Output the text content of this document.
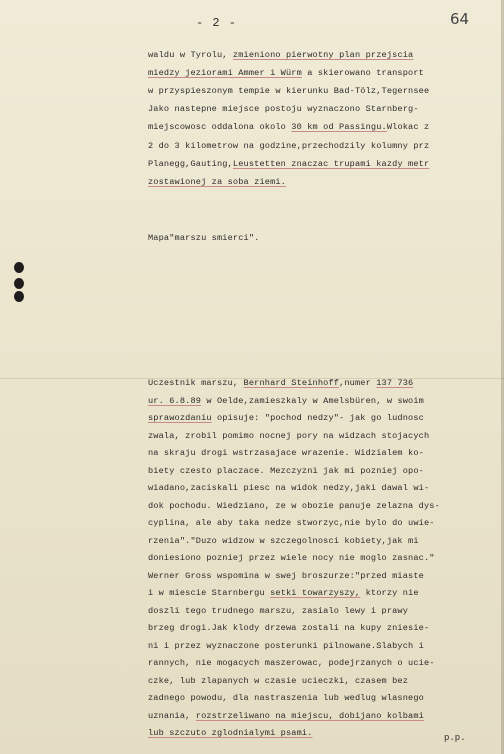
- 2 -	64
waldu w Tyrolu, zmieniono pierwotny plan przejscia
miedzy jeziorami Ammer i Würm a skierowano transport
w przyspieszonym tempie w kierunku Bad-Tölz,Tegernsee
Jako nastepne miejsce postoju wyznaczono Starnberg-
miejscowosc oddalona okolo 30 km od Passingu.Wlokac z
2 do 3 kilometrow na godzine,przechodzily kolumny prz
Planegg,Gauting,Leustetten znaczac trupami kazdy metr
zostawionej za soba ziemi.
Mapa"marszu smierci".
Uczestnik marszu, Bernhard Steinhoff,numer 137 736
ur. 6.8.89 w Oelde,zamieszkaly w Amelsbüren, w swoim
sprawozdaniu opisuje: "pochod nedzy"- jak go ludnosc
zwala, zrobil pomimo nocnej pory na widzach stojacych
na skraju drogi wstrzasajace wrazenie. Widzialem ko-
biety czesto placzace. Mezczyzni jak mi pozniej opo-
wiadano,zaciskali piesc na widok nedzy,jaki dawal wi-
dok pochodu. Wiedziano, ze w obozie panuje zelazna dys-
cyplina, ale aby taka nedze stworzyc,nie bylo do uwie-
rzenia"."Duzo widzow w szczegolnosci kobiety,jak mi
doniesiono pozniej przez wiele nocy nie moglo zasnac."
Werner Gross wspomina w swej broszurze:"przed miaste
i w miescie Starnbergu setki towarzyszy, ktorzy nie
doszli tego trudnego marszu, zasialo lewy i prawy
brzeg drogi.Jak klody drzewa zostali na kupy zniesie-
ni i przez wyznaczone posterunki pilnowane.Slabych i
rannych, nie mogacych maszerowac, podejrzanych o ucie-
czke, lub zlapanych w czasie ucieczki, czasem bez
zadnego powodu, dla nastraszenia lub wedlug wlasnego
uznania, rozstrzeliwano na miejscu, dobijano kolbami
lub szczuto zglodnialymi psami.	p.p.
